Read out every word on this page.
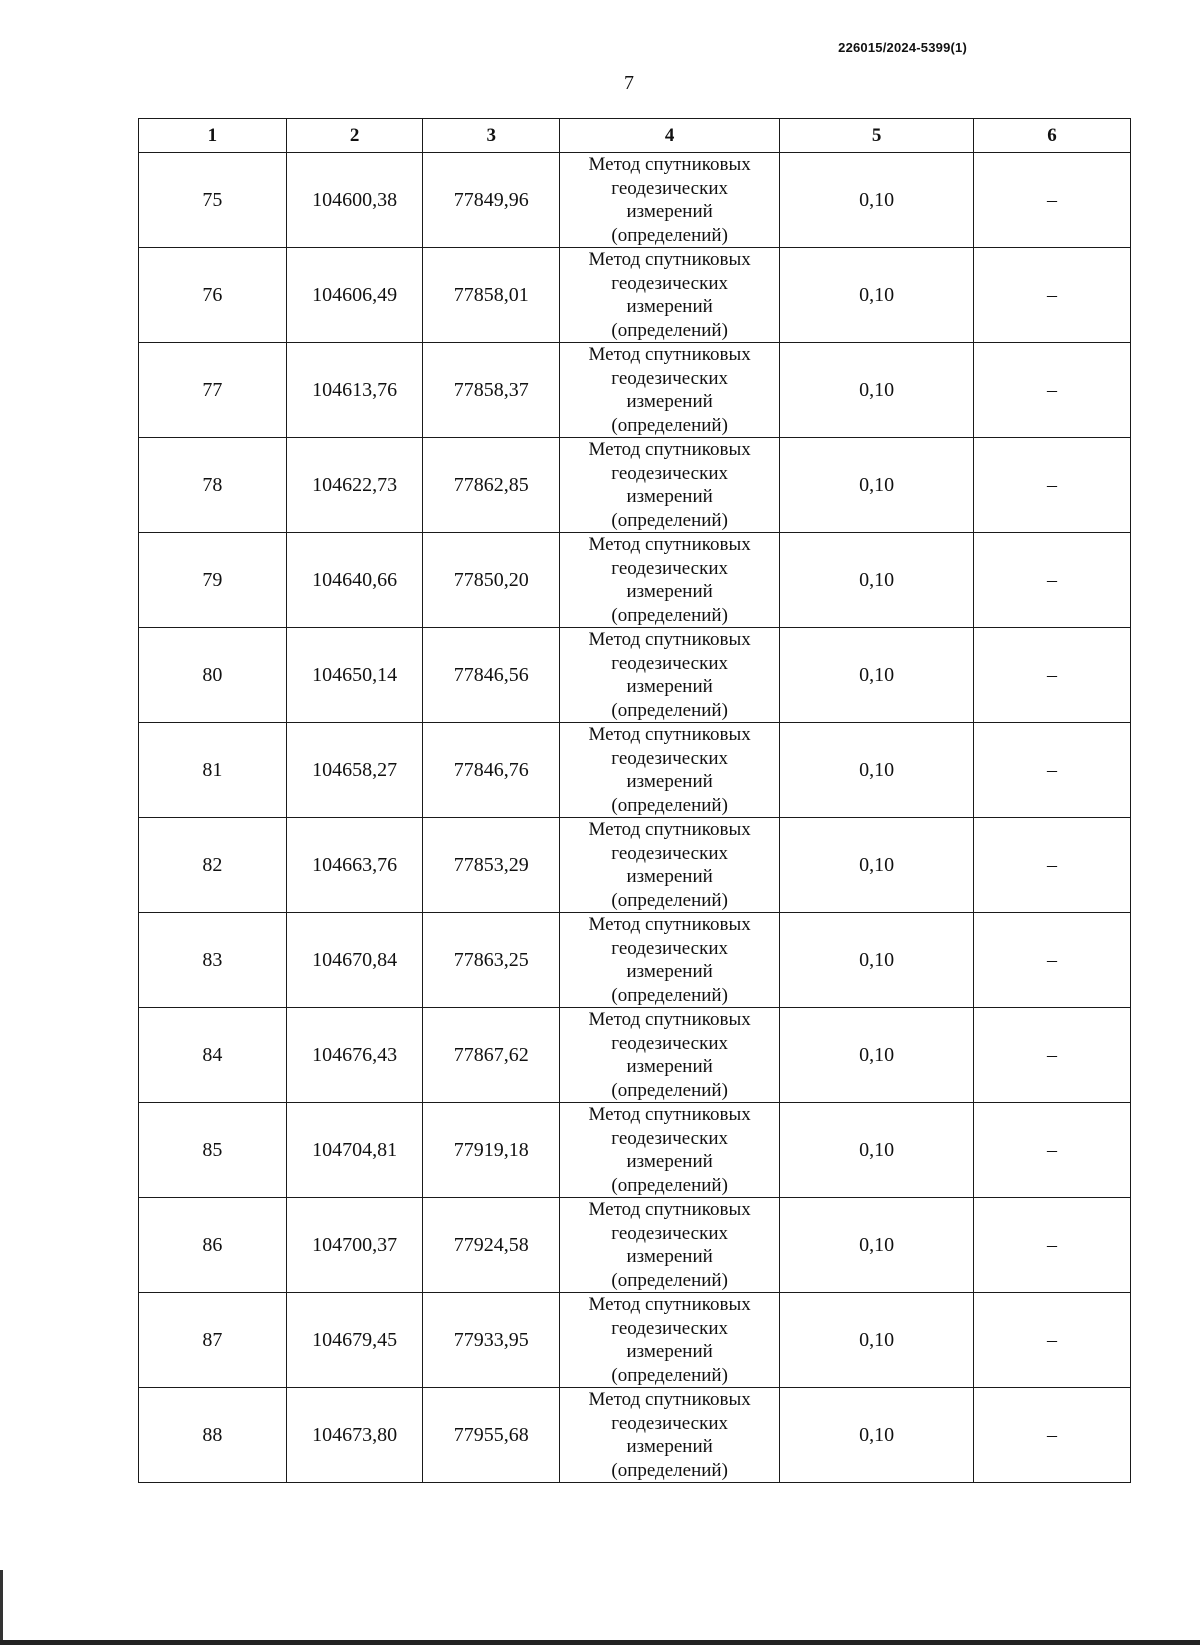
226015/2024-5399(1)
7
1	2	3	4	5	6
75	104600,38	77849,96	Метод спутниковых
геодезических
измерений
(определений)	0,10	–
76	104606,49	77858,01	Метод спутниковых
геодезических
измерений
(определений)	0,10	–
77	104613,76	77858,37	Метод спутниковых
геодезических
измерений
(определений)	0,10	–
78	104622,73	77862,85	Метод спутниковых
геодезических
измерений
(определений)	0,10	–
79	104640,66	77850,20	Метод спутниковых
геодезических
измерений
(определений)	0,10	–
80	104650,14	77846,56	Метод спутниковых
геодезических
измерений
(определений)	0,10	–
81	104658,27	77846,76	Метод спутниковых
геодезических
измерений
(определений)	0,10	–
82	104663,76	77853,29	Метод спутниковых
геодезических
измерений
(определений)	0,10	–
83	104670,84	77863,25	Метод спутниковых
геодезических
измерений
(определений)	0,10	–
84	104676,43	77867,62	Метод спутниковых
геодезических
измерений
(определений)	0,10	–
85	104704,81	77919,18	Метод спутниковых
геодезических
измерений
(определений)	0,10	–
86	104700,37	77924,58	Метод спутниковых
геодезических
измерений
(определений)	0,10	–
87	104679,45	77933,95	Метод спутниковых
геодезических
измерений
(определений)	0,10	–
88	104673,80	77955,68	Метод спутниковых
геодезических
измерений
(определений)	0,10	–
